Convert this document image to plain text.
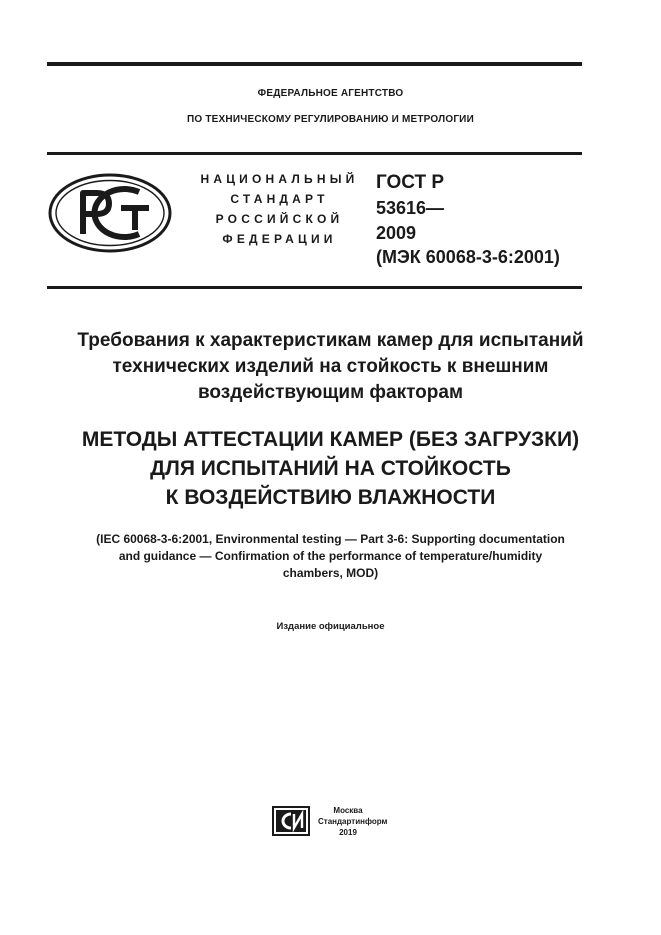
ФЕДЕРАЛЬНОЕ АГЕНТСТВО
ПО ТЕХНИЧЕСКОМУ РЕГУЛИРОВАНИЮ И МЕТРОЛОГИИ
НАЦИОНАЛЬНЫЙ
СТАНДАРТ
РОССИЙСКОЙ
ФЕДЕРАЦИИ
ГОСТ Р
53616—
2009
(МЭК 60068-3-6:2001)
Требования к характеристикам камер для испытаний
технических изделий на стойкость к внешним
воздействующим факторам
МЕТОДЫ АТТЕСТАЦИИ КАМЕР (БЕЗ ЗАГРУЗКИ)
ДЛЯ ИСПЫТАНИЙ НА СТОЙКОСТЬ
К ВОЗДЕЙСТВИЮ ВЛАЖНОСТИ
(IEC 60068-3-6:2001, Environmental testing — Part 3-6: Supporting documentation
and guidance — Confirmation of the performance of temperature/humidity
chambers, MOD)
Издание официальное
Москва
Стандартинформ
2019
